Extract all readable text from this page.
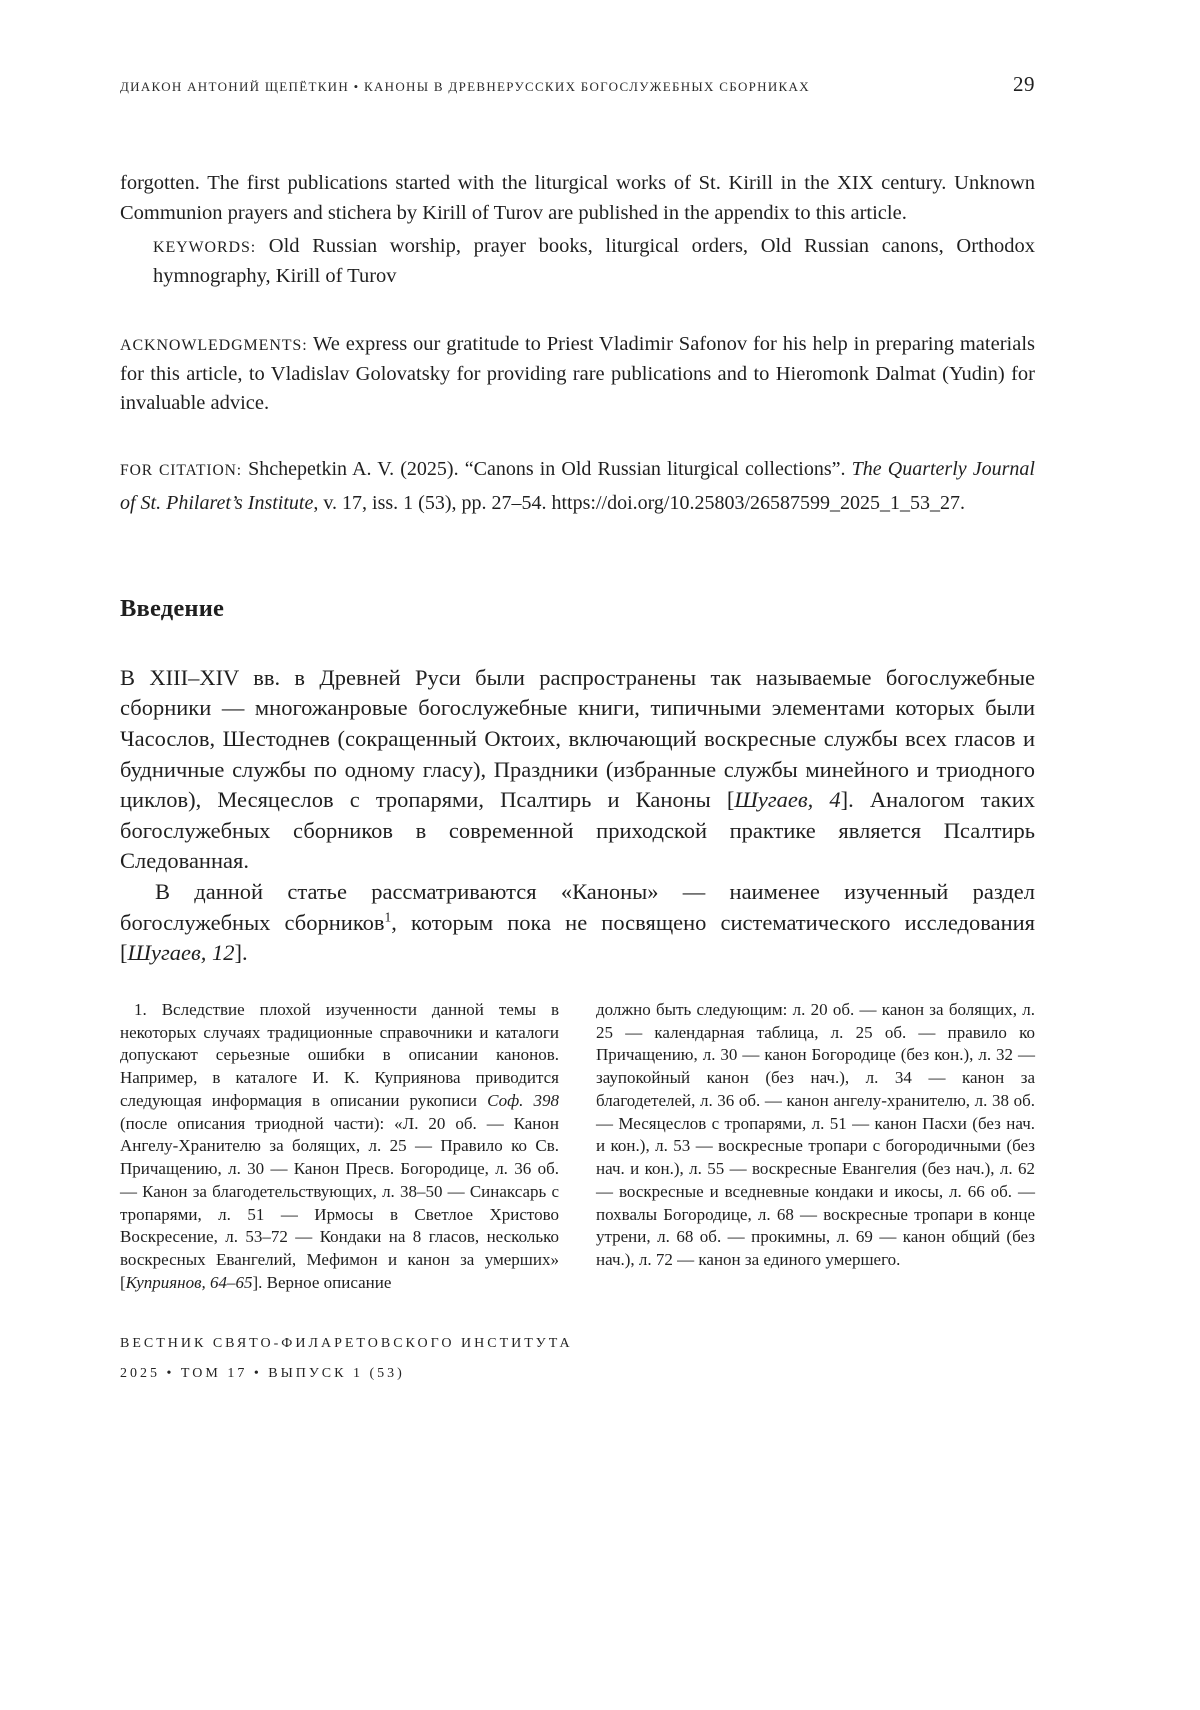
ДИАКОН АНТОНИЙ ЩЕПЁТКИН • КАНОНЫ В ДРЕВНЕРУССКИХ БОГОСЛУЖЕБНЫХ СБОРНИКАХ	29

forgotten. The first publications started with the liturgical works of St. Kirill in the XIX century. Unknown Communion prayers and stichera by Kirill of Turov are published in the appendix to this article.

KEYWORDS: Old Russian worship, prayer books, liturgical orders, Old Russian canons, Orthodox hymnography, Kirill of Turov

ACKNOWLEDGMENTS: We express our gratitude to Priest Vladimir Safonov for his help in preparing materials for this article, to Vladislav Golovatsky for providing rare publications and to Hieromonk Dalmat (Yudin) for invaluable advice.

FOR CITATION: Shchepetkin A. V. (2025). “Canons in Old Russian liturgical collections”. The Quarterly Journal of St. Philaret’s Institute, v. 17, iss. 1 (53), pp. 27–54. https://doi.org/10.25803/26587599_2025_1_53_27.

Введение

В XIII–XIV вв. в Древней Руси были распространены так называемые богослужебные сборники — многожанровые богослужебные книги, типичными элементами которых были Часослов, Шестоднев (сокращенный Октоих, включающий воскресные службы всех гласов и будничные службы по одному гласу), Праздники (избранные службы минейного и триодного циклов), Месяцеслов с тропарями, Псалтирь и Каноны [Шугаев, 4]. Аналогом таких богослужебных сборников в современной приходской практике является Псалтирь Следованная.

В данной статье рассматриваются «Каноны» — наименее изученный раздел богослужебных сборников$^1$, которым пока не посвящено систематического исследования [Шугаев, 12].

1. Вследствие плохой изученности данной темы в некоторых случаях традиционные справочники и каталоги допускают серьезные ошибки в описании канонов. Например, в каталоге И. К. Куприянова приводится следующая информация в описании рукописи Соф. 398 (после описания триодной части): «Л. 20 об. — Канон Ангелу-Хранителю за болящих, л. 25 — Правило ко Св. Причащению, л. 30 — Канон Пресв. Богородице, л. 36 об. — Канон за благодетельствующих, л. 38–50 — Синаксарь с тропарями, л. 51 — Ирмосы в Светлое Христово Воскресение, л. 53–72 — Кондаки на 8 гласов, несколько воскресных Евангелий, Мефимон и канон за умерших» [Куприянов, 64–65]. Верное описание

должно быть следующим: л. 20 об. — канон за болящих, л. 25 — календарная таблица, л. 25 об. — правило ко Причащению, л. 30 — канон Богородице (без кон.), л. 32 — заупокойный канон (без нач.), л. 34 — канон за благодетелей, л. 36 об. — канон ангелу-хранителю, л. 38 об. — Месяцеслов с тропарями, л. 51 — канон Пасхи (без нач. и кон.), л. 53 — воскресные тропари с богородичными (без нач. и кон.), л. 55 — воскресные Евангелия (без нач.), л. 62 — воскресные и вседневные кондаки и икосы, л. 66 об. — похвалы Богородице, л. 68 — воскресные тропари в конце утрени, л. 68 об. — прокимны, л. 69 — канон общий (без нач.), л. 72 — канон за единого умершего.

ВЕСТНИК СВЯТО-ФИЛАРЕТОВСКОГО ИНСТИТУТА
2025 • ТОМ 17 • ВЫПУСК 1 (53)
